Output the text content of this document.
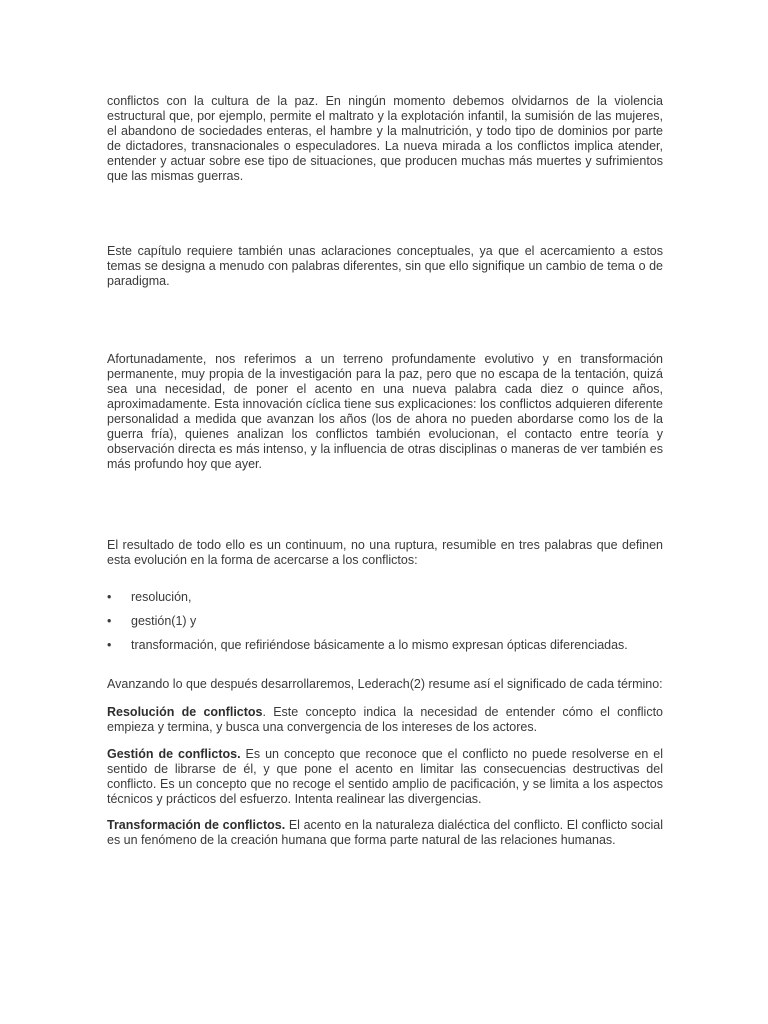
conflictos con la cultura de la paz. En ningún momento debemos olvidarnos de la violencia estructural que, por ejemplo, permite el maltrato y la explotación infantil, la sumisión de las mujeres, el abandono de sociedades enteras, el hambre y la malnutrición, y todo tipo de dominios por parte de dictadores, transnacionales o especuladores. La nueva mirada a los conflictos implica atender, entender y actuar sobre ese tipo de situaciones, que producen muchas más muertes y sufrimientos que las mismas guerras.

Este capítulo requiere también unas aclaraciones conceptuales, ya que el acercamiento a estos temas se designa a menudo con palabras diferentes, sin que ello signifique un cambio de tema o de paradigma.

Afortunadamente, nos referimos a un terreno profundamente evolutivo y en transformación permanente, muy propia de la investigación para la paz, pero que no escapa de la tentación, quizá sea una necesidad, de poner el acento en una nueva palabra cada diez o quince años, aproximadamente. Esta innovación cíclica tiene sus explicaciones: los conflictos adquieren diferente personalidad a medida que avanzan los años (los de ahora no pueden abordarse como los de la guerra fría), quienes analizan los conflictos también evolucionan, el contacto entre teoría y observación directa es más intenso, y la influencia de otras disciplinas o maneras de ver también es más profundo hoy que ayer.

El resultado de todo ello es un continuum, no una ruptura, resumible en tres palabras que definen esta evolución en la forma de acercarse a los conflictos:

• resolución,
• gestión(1) y
• transformación, que refiriéndose básicamente a lo mismo expresan ópticas diferenciadas.

Avanzando lo que después desarrollaremos, Lederach(2) resume así el significado de cada término:

Resolución de conflictos. Este concepto indica la necesidad de entender cómo el conflicto empieza y termina, y busca una convergencia de los intereses de los actores.

Gestión de conflictos. Es un concepto que reconoce que el conflicto no puede resolverse en el sentido de librarse de él, y que pone el acento en limitar las consecuencias destructivas del conflicto. Es un concepto que no recoge el sentido amplio de pacificación, y se limita a los aspectos técnicos y prácticos del esfuerzo. Intenta realinear las divergencias.

Transformación de conflictos. El acento en la naturaleza dialéctica del conflicto. El conflicto social es un fenómeno de la creación humana que forma parte natural de las relaciones humanas.
